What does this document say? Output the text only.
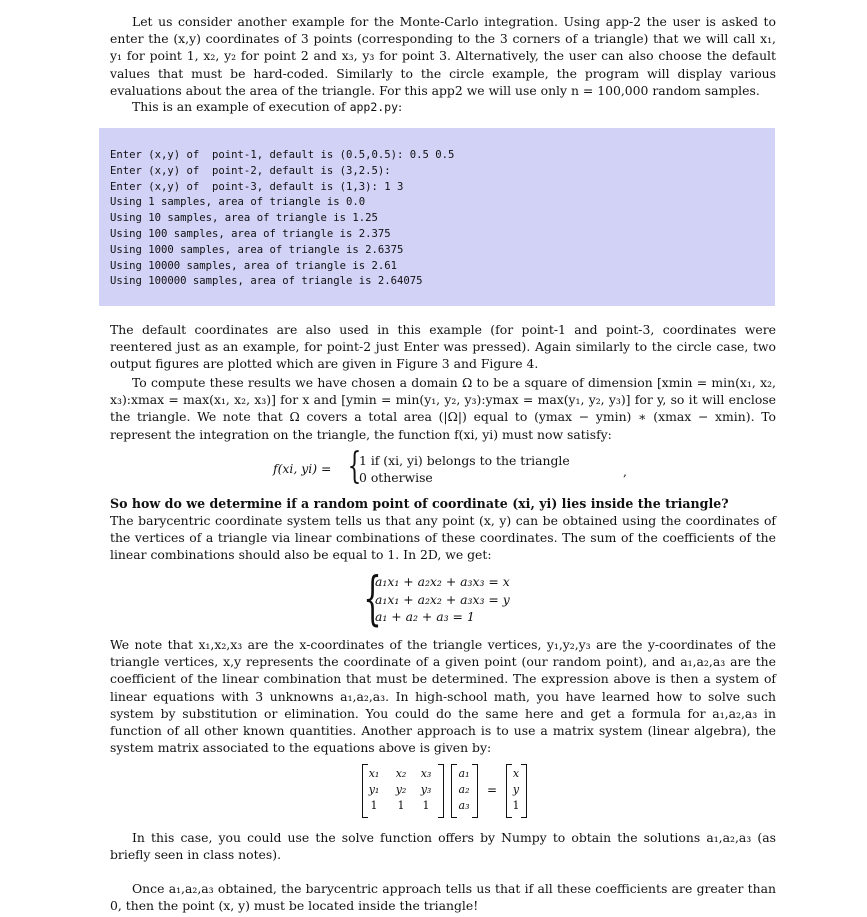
Let us consider another example for the Monte-Carlo integration. Using app-2 the user is asked to enter the (x,y) coordinates of 3 points (corresponding to the 3 corners of a triangle) that we will call x₁, y₁ for point 1, x₂, y₂ for point 2 and x₃, y₃ for point 3. Alternatively, the user can also choose the default values that must be hard-coded. Similarly to the circle example, the program will display various evaluations about the area of the triangle. For this app2 we will use only n = 100,000 random samples.
This is an example of execution of app2.py:
Enter (x,y) of  point-1, default is (0.5,0.5): 0.5 0.5
Enter (x,y) of  point-2, default is (3,2.5):
Enter (x,y) of  point-3, default is (1,3): 1 3
Using 1 samples, area of triangle is 0.0
Using 10 samples, area of triangle is 1.25
Using 100 samples, area of triangle is 2.375
Using 1000 samples, area of triangle is 2.6375
Using 10000 samples, area of triangle is 2.61
Using 100000 samples, area of triangle is 2.64075
The default coordinates are also used in this example (for point-1 and point-3, coordinates were reentered just as an example, for point-2 just Enter was pressed). Again similarly to the circle case, two output figures are plotted which are given in Figure 3 and Figure 4.
To compute these results we have chosen a domain Ω to be a square of dimension [xmin = min(x₁, x₂, x₃):xmax = max(x₁, x₂, x₃)] for x and [ymin = min(y₁, y₂, y₃):ymax = max(y₁, y₂, y₃)] for y, so it will enclose the triangle. We note that Ω covers a total area (|Ω|) equal to (ymax − ymin) ∗ (xmax − xmin). To represent the integration on the triangle, the function f(xi, yi) must now satisfy:
f(xi, yi) = {
1 if (xi, yi) belongs to the triangle
0 otherwise	,
So how do we determine if a random point of coordinate (xi, yi) lies inside the triangle?
The barycentric coordinate system tells us that any point (x, y) can be obtained using the coordinates of the vertices of a triangle via linear combinations of these coordinates. The sum of the coefficients of the linear combinations should also be equal to 1. In 2D, we get:
{
a₁x₁ + a₂x₂ + a₃x₃ = x
a₁x₁ + a₂x₂ + a₃x₃ = y
a₁ + a₂ + a₃ = 1
We note that x₁,x₂,x₃ are the x-coordinates of the triangle vertices, y₁,y₂,y₃ are the y-coordinates of the triangle vertices, x,y represents the coordinate of a given point (our random point), and a₁,a₂,a₃ are the coefficient of the linear combination that must be determined. The expression above is then a system of linear equations with 3 unknowns a₁,a₂,a₃. In high-school math, you have learned how to solve such system by substitution or elimination. You could do the same here and get a formula for a₁,a₂,a₃ in function of all other known quantities. Another approach is to use a matrix system (linear algebra), the system matrix associated to the equations above is given by:
x₁	x₂	x₃
y₁	y₂	y₃
1	1	1
a₁
a₂
a₃
=
x
y
1
In this case, you could use the solve function offers by Numpy to obtain the solutions a₁,a₂,a₃ (as briefly seen in class notes).
Once a₁,a₂,a₃ obtained, the barycentric approach tells us that if all these coefficients are greater than 0, then the point (x, y) must be located inside the triangle!
